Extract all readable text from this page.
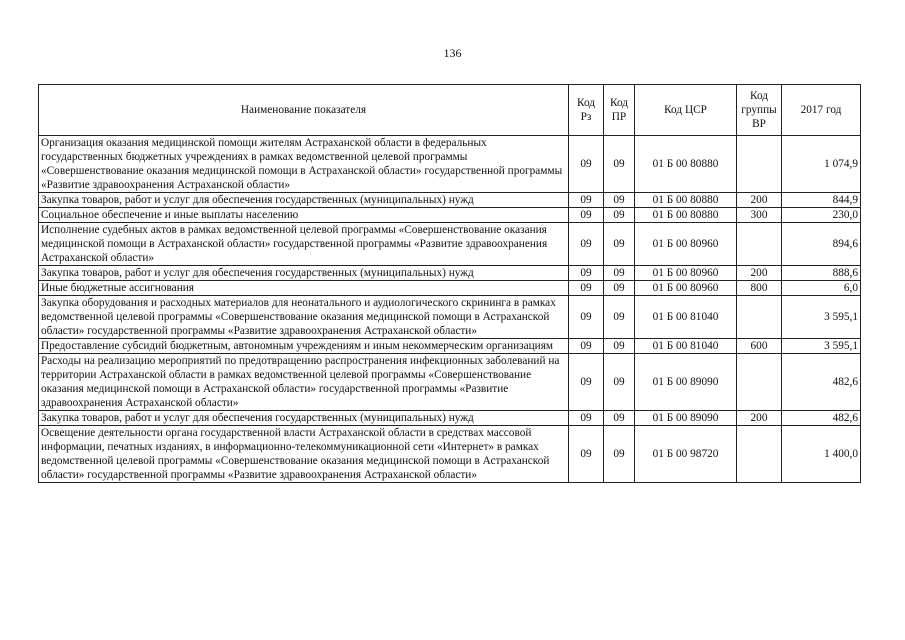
136
Наименование показателя	Код Рз	Код ПР	Код ЦСР	Код группы ВР	2017 год
Организация оказания медицинской помощи жителям Астраханской области в федеральных государственных бюджетных учреждениях в рамках ведомственной целевой программы «Совершенствование оказания медицинской помощи в Астраханской области» государственной программы «Развитие здравоохранения Астраханской области»	09	09	01 Б 00 80880		1 074,9
Закупка товаров, работ и услуг для обеспечения государственных (муниципальных) нужд	09	09	01 Б 00 80880	200	844,9
Социальное обеспечение и иные выплаты населению	09	09	01 Б 00 80880	300	230,0
Исполнение судебных актов в рамках ведомственной целевой программы «Совершенствование оказания медицинской помощи в Астраханской области» государственной программы «Развитие здравоохранения Астраханской области»	09	09	01 Б 00 80960		894,6
Закупка товаров, работ и услуг для обеспечения государственных (муниципальных) нужд	09	09	01 Б 00 80960	200	888,6
Иные бюджетные ассигнования	09	09	01 Б 00 80960	800	6,0
Закупка оборудования и расходных материалов для неонатального и аудиологического скрининга в рамках ведомственной целевой программы «Совершенствование оказания медицинской помощи в Астраханской области» государственной программы «Развитие здравоохранения Астраханской области»	09	09	01 Б 00 81040		3 595,1
Предоставление субсидий бюджетным, автономным учреждениям и иным некоммерческим организациям	09	09	01 Б 00 81040	600	3 595,1
Расходы на реализацию мероприятий по предотвращению распространения инфекционных заболеваний на территории Астраханской области в рамках ведомственной целевой программы «Совершенствование оказания медицинской помощи в Астраханской области» государственной программы «Развитие здравоохранения Астраханской области»	09	09	01 Б 00 89090		482,6
Закупка товаров, работ и услуг для обеспечения государственных (муниципальных) нужд	09	09	01 Б 00 89090	200	482,6
Освещение деятельности органа государственной власти Астраханской области в средствах массовой информации, печатных изданиях, в информационно-телекоммуникационной сети «Интернет» в рамках ведомственной целевой программы «Совершенствование оказания медицинской помощи в Астраханской области» государственной программы «Развитие здравоохранения Астраханской области»	09	09	01 Б 00 98720		1 400,0
